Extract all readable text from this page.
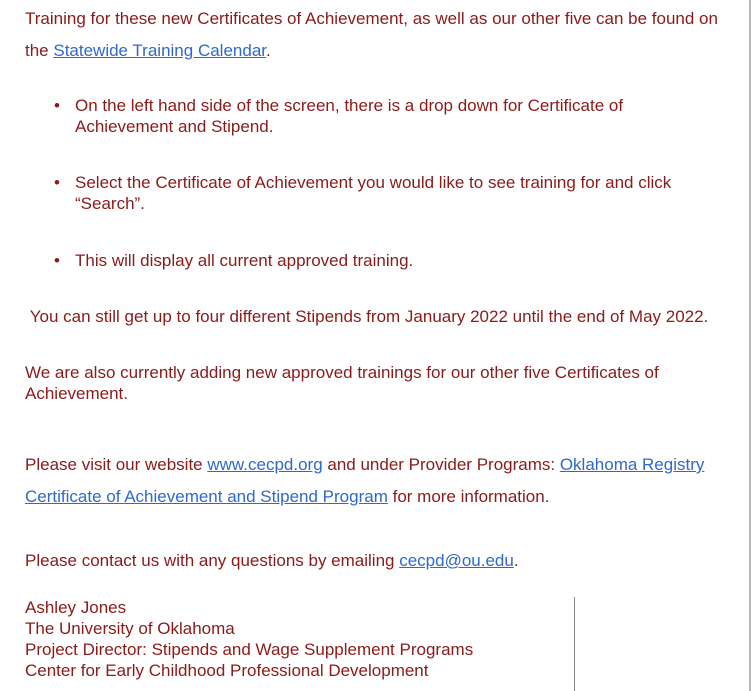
Training for these new Certificates of Achievement, as well as our other five can be found on the Statewide Training Calendar.

• On the left hand side of the screen, there is a drop down for Certificate of Achievement and Stipend.
• Select the Certificate of Achievement you would like to see training for and click “Search”.
• This will display all current approved training.

You can still get up to four different Stipends from January 2022 until the end of May 2022.

We are also currently adding new approved trainings for our other five Certificates of Achievement.

Please visit our website www.cecpd.org and under Provider Programs: Oklahoma Registry Certificate of Achievement and Stipend Program for more information.

Please contact us with any questions by emailing cecpd@ou.edu.

Ashley Jones
The University of Oklahoma
Project Director: Stipends and Wage Supplement Programs
Center for Early Childhood Professional Development
